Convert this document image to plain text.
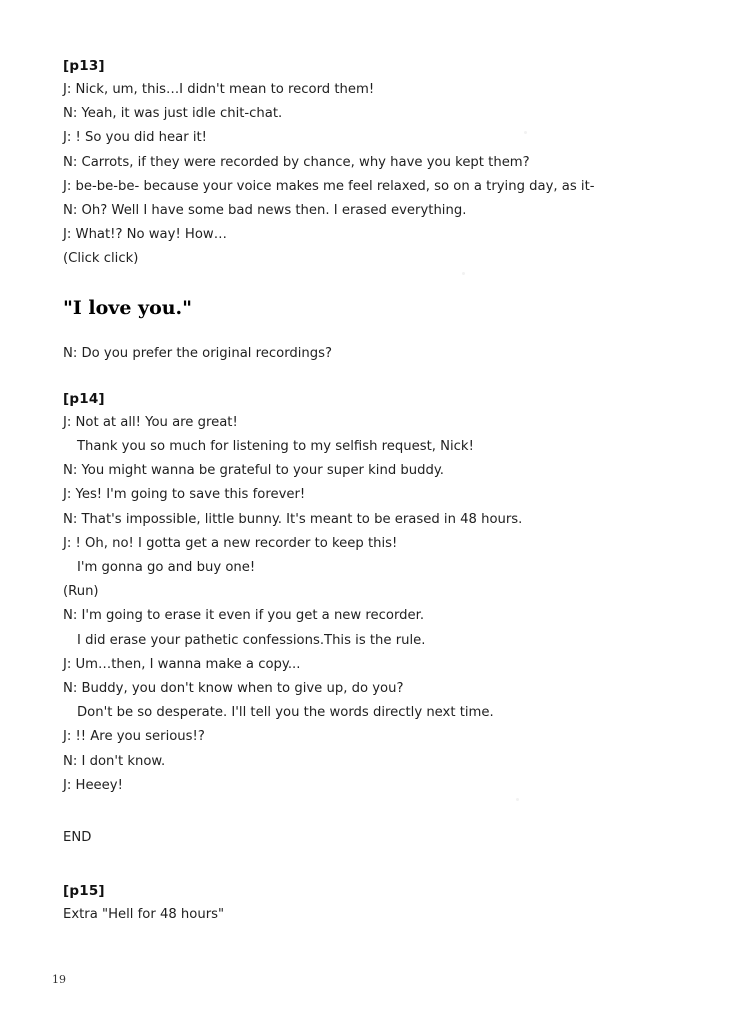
[p13]
J: Nick, um, this…I didn't mean to record them!
N: Yeah, it was just idle chit-chat.
J: ! So you did hear it!
N: Carrots, if they were recorded by chance, why have you kept them?
J: be-be-be- because your voice makes me feel relaxed, so on a trying day, as it-
N: Oh? Well I have some bad news then. I erased everything.
J: What!? No way! How…
(Click click)
"I love you."
N: Do you prefer the original recordings?
[p14]
J: Not at all! You are great!
Thank you so much for listening to my selfish request, Nick!
N: You might wanna be grateful to your super kind buddy.
J: Yes! I'm going to save this forever!
N: That's impossible, little bunny. It's meant to be erased in 48 hours.
J: ! Oh, no! I gotta get a new recorder to keep this!
I'm gonna go and buy one!
(Run)
N: I'm going to erase it even if you get a new recorder.
I did erase your pathetic confessions.This is the rule.
J: Um…then, I wanna make a copy...
N: Buddy, you don't know when to give up, do you?
Don't be so desperate. I'll tell you the words directly next time.
J: !! Are you serious!?
N: I don't know.
J: Heeey!
END
[p15]
Extra "Hell for 48 hours"
19
